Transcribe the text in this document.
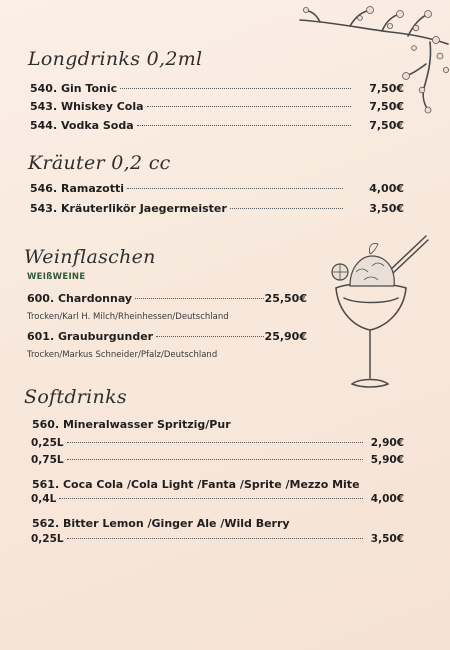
Longdrinks 0,2ml
540. Gin Tonic	7,50€
543. Whiskey Cola	7,50€
544. Vodka Soda	7,50€
Kräuter 0,2 cc
546. Ramazotti	4,00€
543. Kräuterlikör Jaegermeister	3,50€
Weinflaschen
WEIßWEINE
600. Chardonnay	25,50€
Trocken/Karl H. Milch/Rheinhessen/Deutschland
601. Grauburgunder	25,90€
Trocken/Markus Schneider/Pfalz/Deutschland
Softdrinks
560. Mineralwasser Spritzig/Pur
0,25L	2,90€
0,75L	5,90€
561. Coca Cola /Cola Light /Fanta /Sprite /Mezzo Mite
0,4L	4,00€
562. Bitter Lemon /Ginger Ale /Wild Berry
0,25L	3,50€
